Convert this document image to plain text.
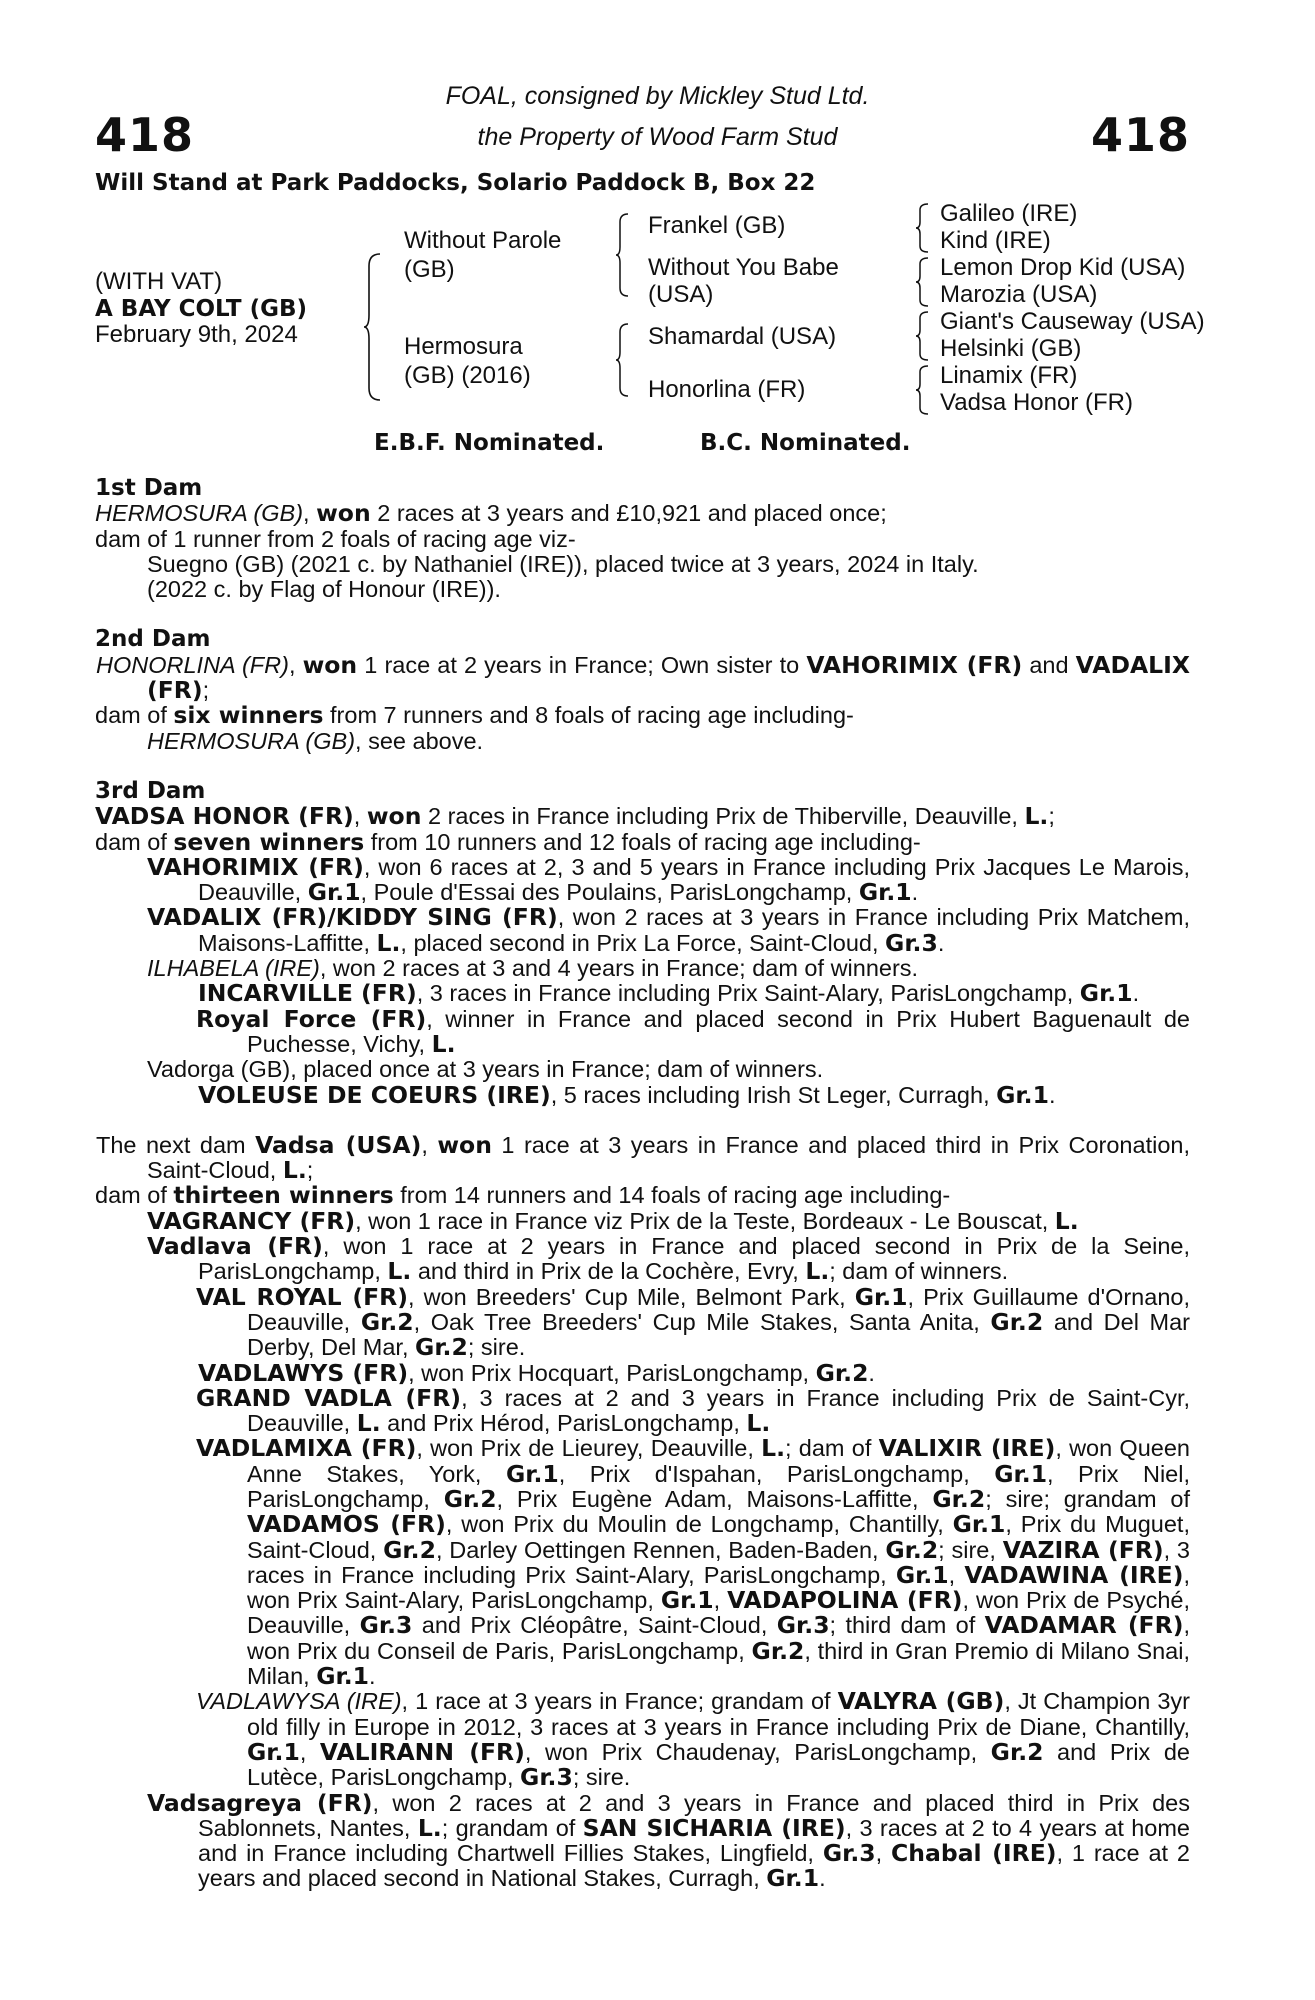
418	418
FOAL, consigned by Mickley Stud Ltd.
the Property of Wood Farm Stud
Will Stand at Park Paddocks, Solario Paddock B, Box 22
(WITH VAT)
A BAY COLT (GB)
February 9th, 2024
Without Parole (GB)
Hermosura (GB) (2016)
Frankel (GB)
Without You Babe (USA)
Shamardal (USA)
Honorlina (FR)
Galileo (IRE)
Kind (IRE)
Lemon Drop Kid (USA)
Marozia (USA)
Giant's Causeway (USA)
Helsinki (GB)
Linamix (FR)
Vadsa Honor (FR)
E.B.F. Nominated.	B.C. Nominated.
1st Dam
HERMOSURA (GB), won 2 races at 3 years and £10,921 and placed once;
dam of 1 runner from 2 foals of racing age viz-
Suegno (GB) (2021 c. by Nathaniel (IRE)), placed twice at 3 years, 2024 in Italy.
(2022 c. by Flag of Honour (IRE)).
2nd Dam
HONORLINA (FR), won 1 race at 2 years in France; Own sister to VAHORIMIX (FR) and VADALIX (FR);
dam of six winners from 7 runners and 8 foals of racing age including-
HERMOSURA (GB), see above.
3rd Dam
VADSA HONOR (FR), won 2 races in France including Prix de Thiberville, Deauville, L.;
dam of seven winners from 10 runners and 12 foals of racing age including-
VAHORIMIX (FR), won 6 races at 2, 3 and 5 years in France including Prix Jacques Le Marois, Deauville, Gr.1, Poule d'Essai des Poulains, ParisLongchamp, Gr.1.
VADALIX (FR)/KIDDY SING (FR), won 2 races at 3 years in France including Prix Matchem, Maisons-Laffitte, L., placed second in Prix La Force, Saint-Cloud, Gr.3.
ILHABELA (IRE), won 2 races at 3 and 4 years in France; dam of winners.
INCARVILLE (FR), 3 races in France including Prix Saint-Alary, ParisLongchamp, Gr.1.
Royal Force (FR), winner in France and placed second in Prix Hubert Baguenault de Puchesse, Vichy, L.
Vadorga (GB), placed once at 3 years in France; dam of winners.
VOLEUSE DE COEURS (IRE), 5 races including Irish St Leger, Curragh, Gr.1.
The next dam Vadsa (USA), won 1 race at 3 years in France and placed third in Prix Coronation, Saint-Cloud, L.;
dam of thirteen winners from 14 runners and 14 foals of racing age including-
VAGRANCY (FR), won 1 race in France viz Prix de la Teste, Bordeaux - Le Bouscat, L.
Vadlava (FR), won 1 race at 2 years in France and placed second in Prix de la Seine, ParisLongchamp, L. and third in Prix de la Cochère, Evry, L.; dam of winners.
VAL ROYAL (FR), won Breeders' Cup Mile, Belmont Park, Gr.1, Prix Guillaume d'Ornano, Deauville, Gr.2, Oak Tree Breeders' Cup Mile Stakes, Santa Anita, Gr.2 and Del Mar Derby, Del Mar, Gr.2; sire.
VADLAWYS (FR), won Prix Hocquart, ParisLongchamp, Gr.2.
GRAND VADLA (FR), 3 races at 2 and 3 years in France including Prix de Saint-Cyr, Deauville, L. and Prix Hérod, ParisLongchamp, L.
VADLAMIXA (FR), won Prix de Lieurey, Deauville, L.; dam of VALIXIR (IRE), won Queen Anne Stakes, York, Gr.1, Prix d'Ispahan, ParisLongchamp, Gr.1, Prix Niel, ParisLongchamp, Gr.2, Prix Eugène Adam, Maisons-Laffitte, Gr.2; sire; grandam of VADAMOS (FR), won Prix du Moulin de Longchamp, Chantilly, Gr.1, Prix du Muguet, Saint-Cloud, Gr.2, Darley Oettingen Rennen, Baden-Baden, Gr.2; sire, VAZIRA (FR), 3 races in France including Prix Saint-Alary, ParisLongchamp, Gr.1, VADAWINA (IRE), won Prix Saint-Alary, ParisLongchamp, Gr.1, VADAPOLINA (FR), won Prix de Psyché, Deauville, Gr.3 and Prix Cléopâtre, Saint-Cloud, Gr.3; third dam of VADAMAR (FR), won Prix du Conseil de Paris, ParisLongchamp, Gr.2, third in Gran Premio di Milano Snai, Milan, Gr.1.
VADLAWYSA (IRE), 1 race at 3 years in France; grandam of VALYRA (GB), Jt Champion 3yr old filly in Europe in 2012, 3 races at 3 years in France including Prix de Diane, Chantilly, Gr.1, VALIRANN (FR), won Prix Chaudenay, ParisLongchamp, Gr.2 and Prix de Lutèce, ParisLongchamp, Gr.3; sire.
Vadsagreya (FR), won 2 races at 2 and 3 years in France and placed third in Prix des Sablonnets, Nantes, L.; grandam of SAN SICHARIA (IRE), 3 races at 2 to 4 years at home and in France including Chartwell Fillies Stakes, Lingfield, Gr.3, Chabal (IRE), 1 race at 2 years and placed second in National Stakes, Curragh, Gr.1.
